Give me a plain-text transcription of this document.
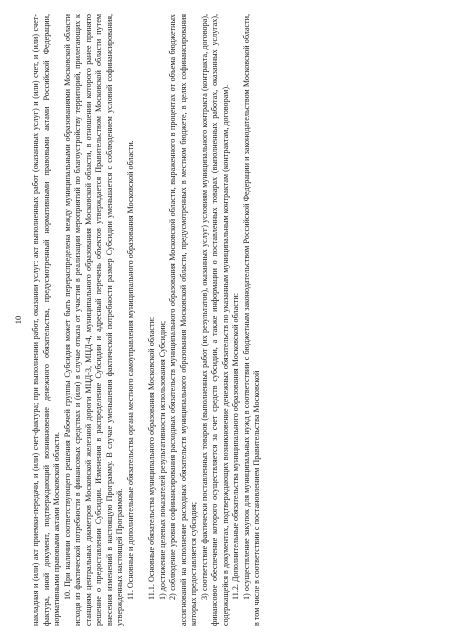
10 накладная и (или) акт приемки-передачи, и (или) счет-фактура; при выполнении работ, оказании услуг: акт выполненных работ (оказанных услуг) и (или) счет, и (или) счет-фактура, иной документ, подтверждающий возникновение денежного обязательства, предусмотренный нормативными правовыми актами Российской Федерации, нормативными правовыми актами Московской области. 10. При наличии соответствующего решения Рабочей группы Субсидия может быть перераспределена между муниципальными образованиями Московской области исходя из фактической потребности в финансовых средствах и (или) в случае отказа от участия в реализации мероприятий по благоустройству территорий, прилегающих к станциям центральных диаметров Московской железной дороги МЦД-3, МЦД-4, муниципального образования Московской области, в отношении которого ранее принято решение о предоставлении Субсидии. Изменения в распределение Субсидии и адресный перечень объектов утверждается Правительством Московской области путем внесения изменений в настоящую Программу. В случае уменьшения фактической потребности размер Субсидии уменьшается с соблюдением условий софинансирования, утвержденных настоящей Программой. 11. Основные и дополнительные обязательства органа местного самоуправления муниципального образования Московской области. 11.1. Основные обязательства муниципального образования Московской области: 1) достижение целевых показателей результативности использования Субсидии; 2) соблюдение уровня софинансирования расходных обязательств муниципального образования Московской области, выраженного в процентах от объема бюджетных ассигнований на исполнение расходных обязательств муниципального образования Московской области, предусмотренных в местном бюджете, в целях софинансирования которых предоставляется субсидия; 3) соответствие фактически поставленных товаров (выполненных работ (их результатов), оказанных услуг) условиям муниципального контракта (контракта, договора), финансовое обеспечение которого осуществляется за счет средств субсидии, а также информации о поставленных товарах (выполненных работах, оказанных услугах), содержащейся в документах, подтверждающих возникновение денежных обязательств по указанным муниципальным контрактам (контрактам, договорам). 11.2. Дополнительные обязательства муниципального образования Московской области: 1) осуществление закупок для муниципальных нужд в соответствии с бюджетным законодательством Российской Федерации и законодательством Московской области, в том числе в соответствии с постановлением Правительства Московской
